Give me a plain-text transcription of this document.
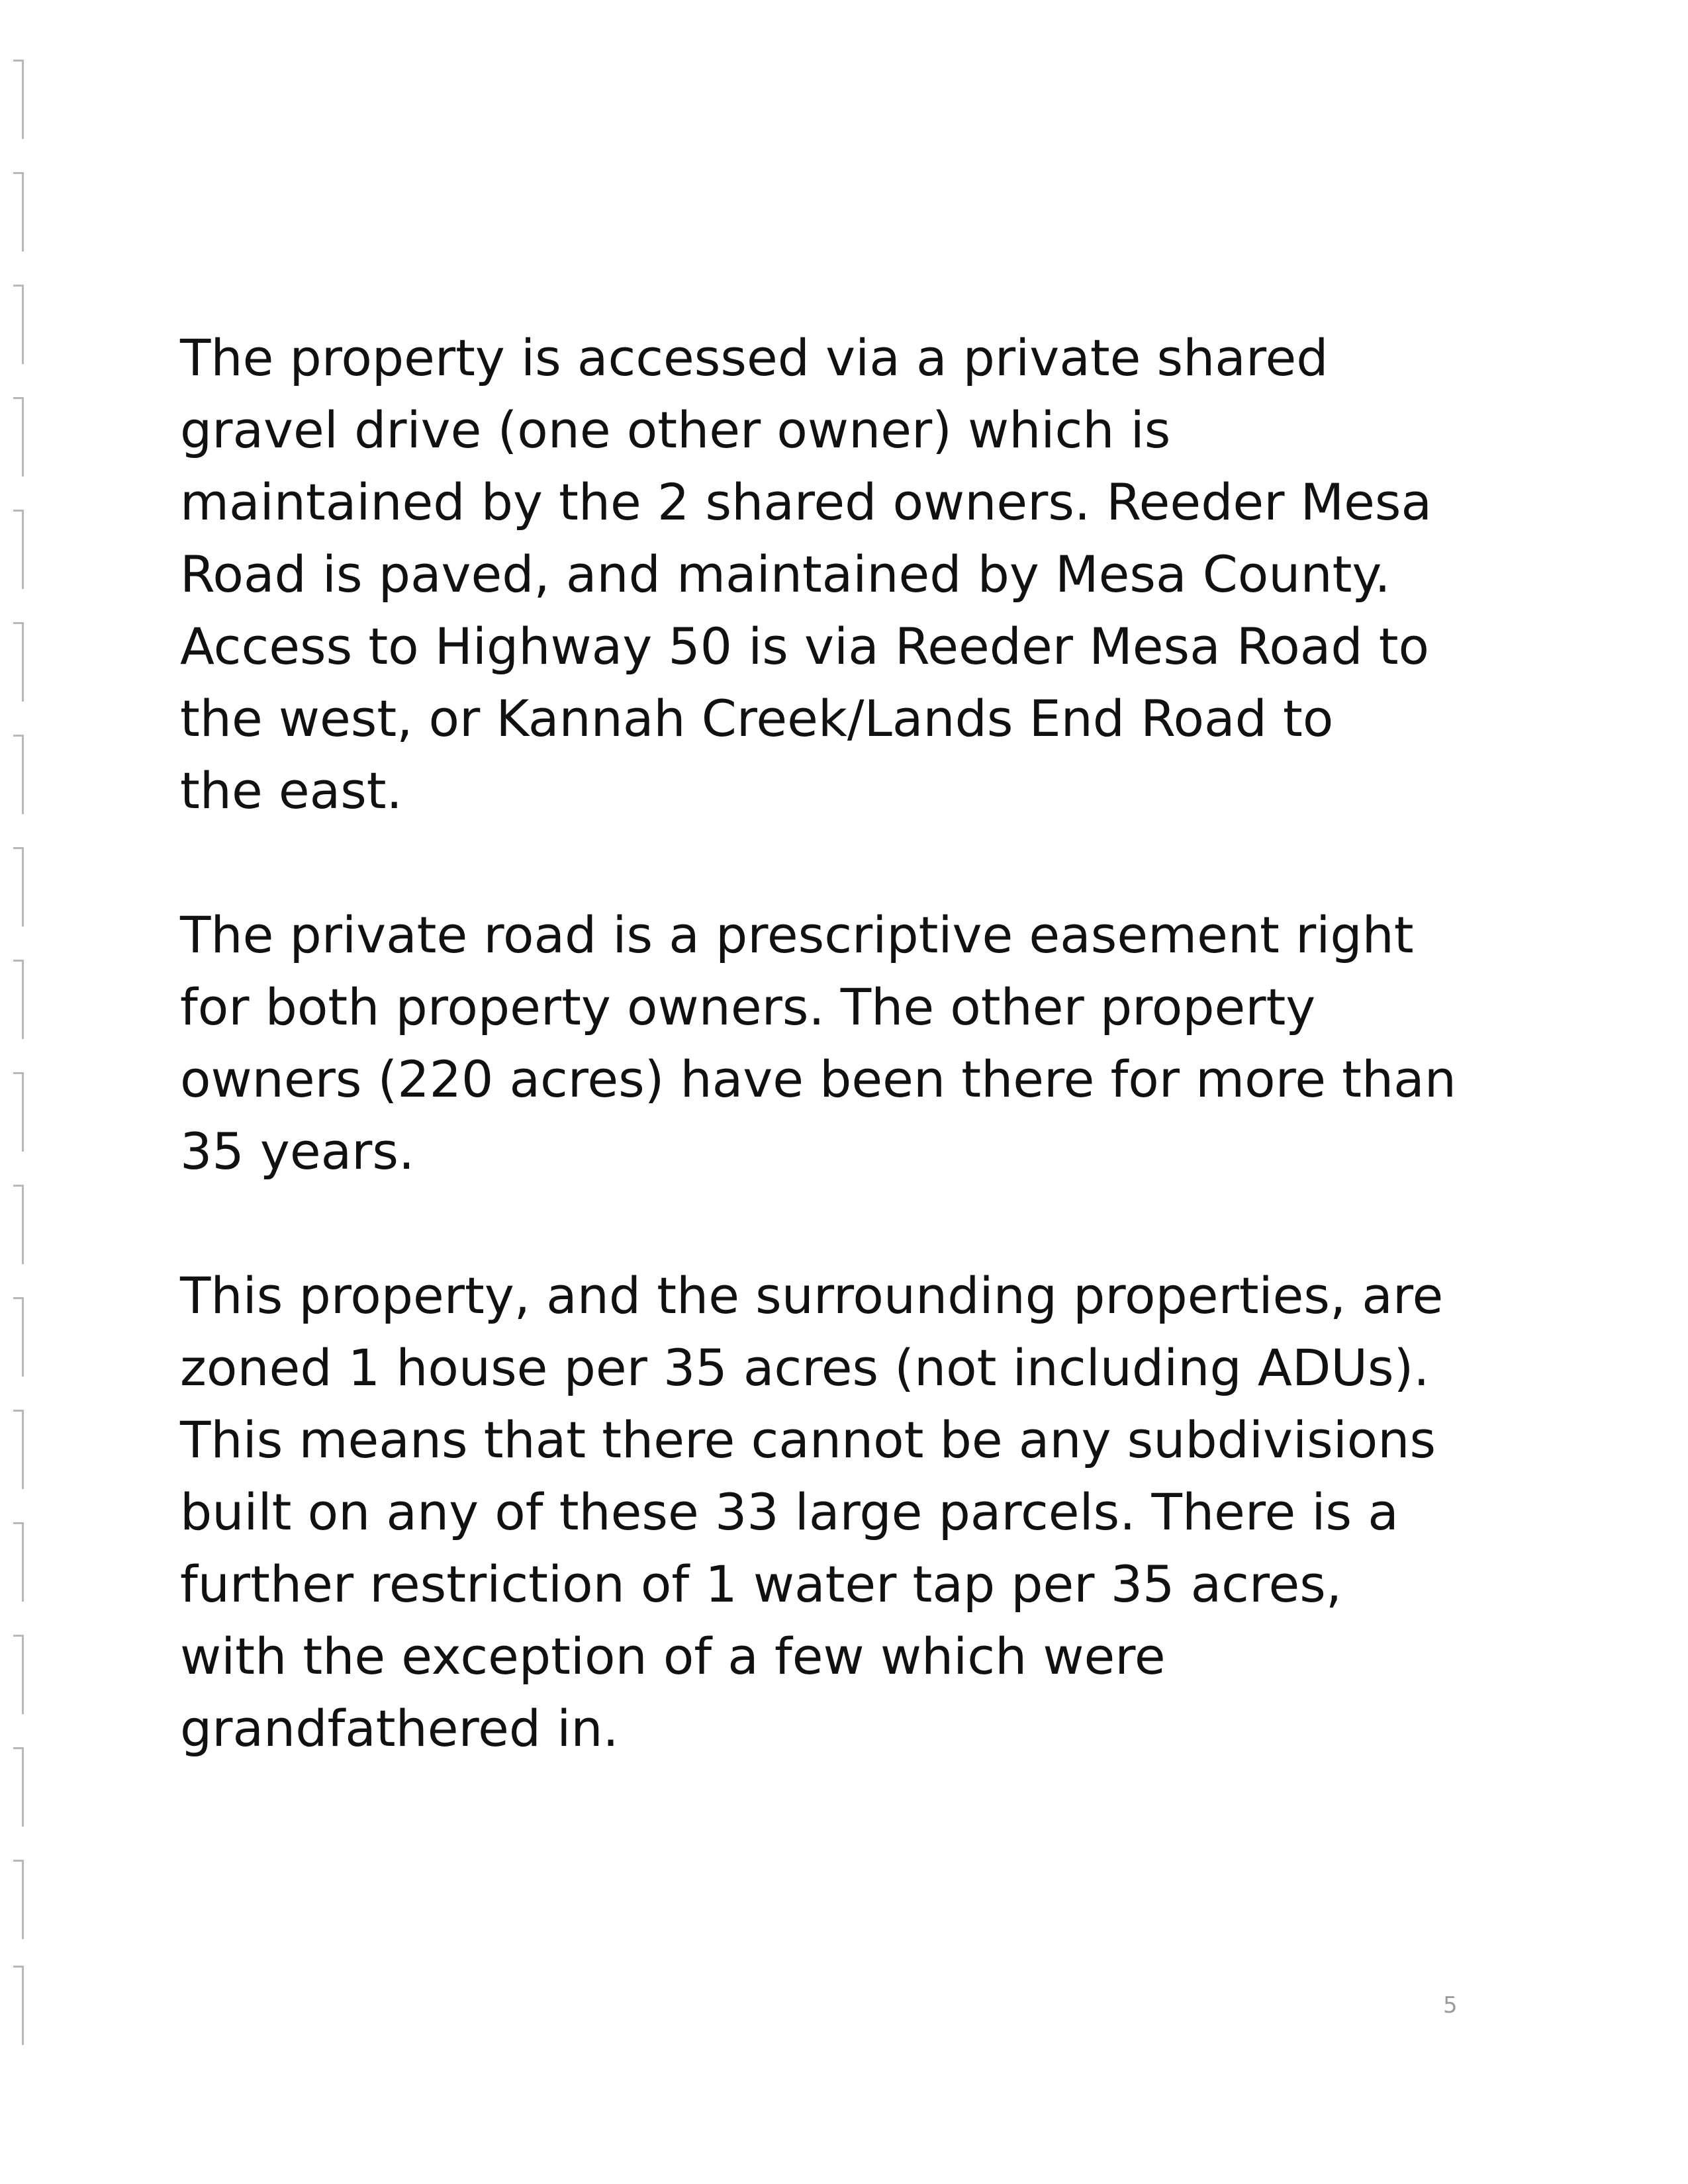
The property is accessed via a private shared
gravel drive (one other owner) which is
maintained by the 2 shared owners. Reeder Mesa
Road is paved, and maintained by Mesa County.
Access to Highway 50 is via Reeder Mesa Road to
the west, or Kannah Creek/Lands End Road to
the east.

The private road is a prescriptive easement right
for both property owners. The other property
owners (220 acres) have been there for more than
35 years.

This property, and the surrounding properties, are
zoned 1 house per 35 acres (not including ADUs).
This means that there cannot be any subdivisions
built on any of these 33 large parcels. There is a
further restriction of 1 water tap per 35 acres,
with the exception of a few which were
grandfathered in.

5
